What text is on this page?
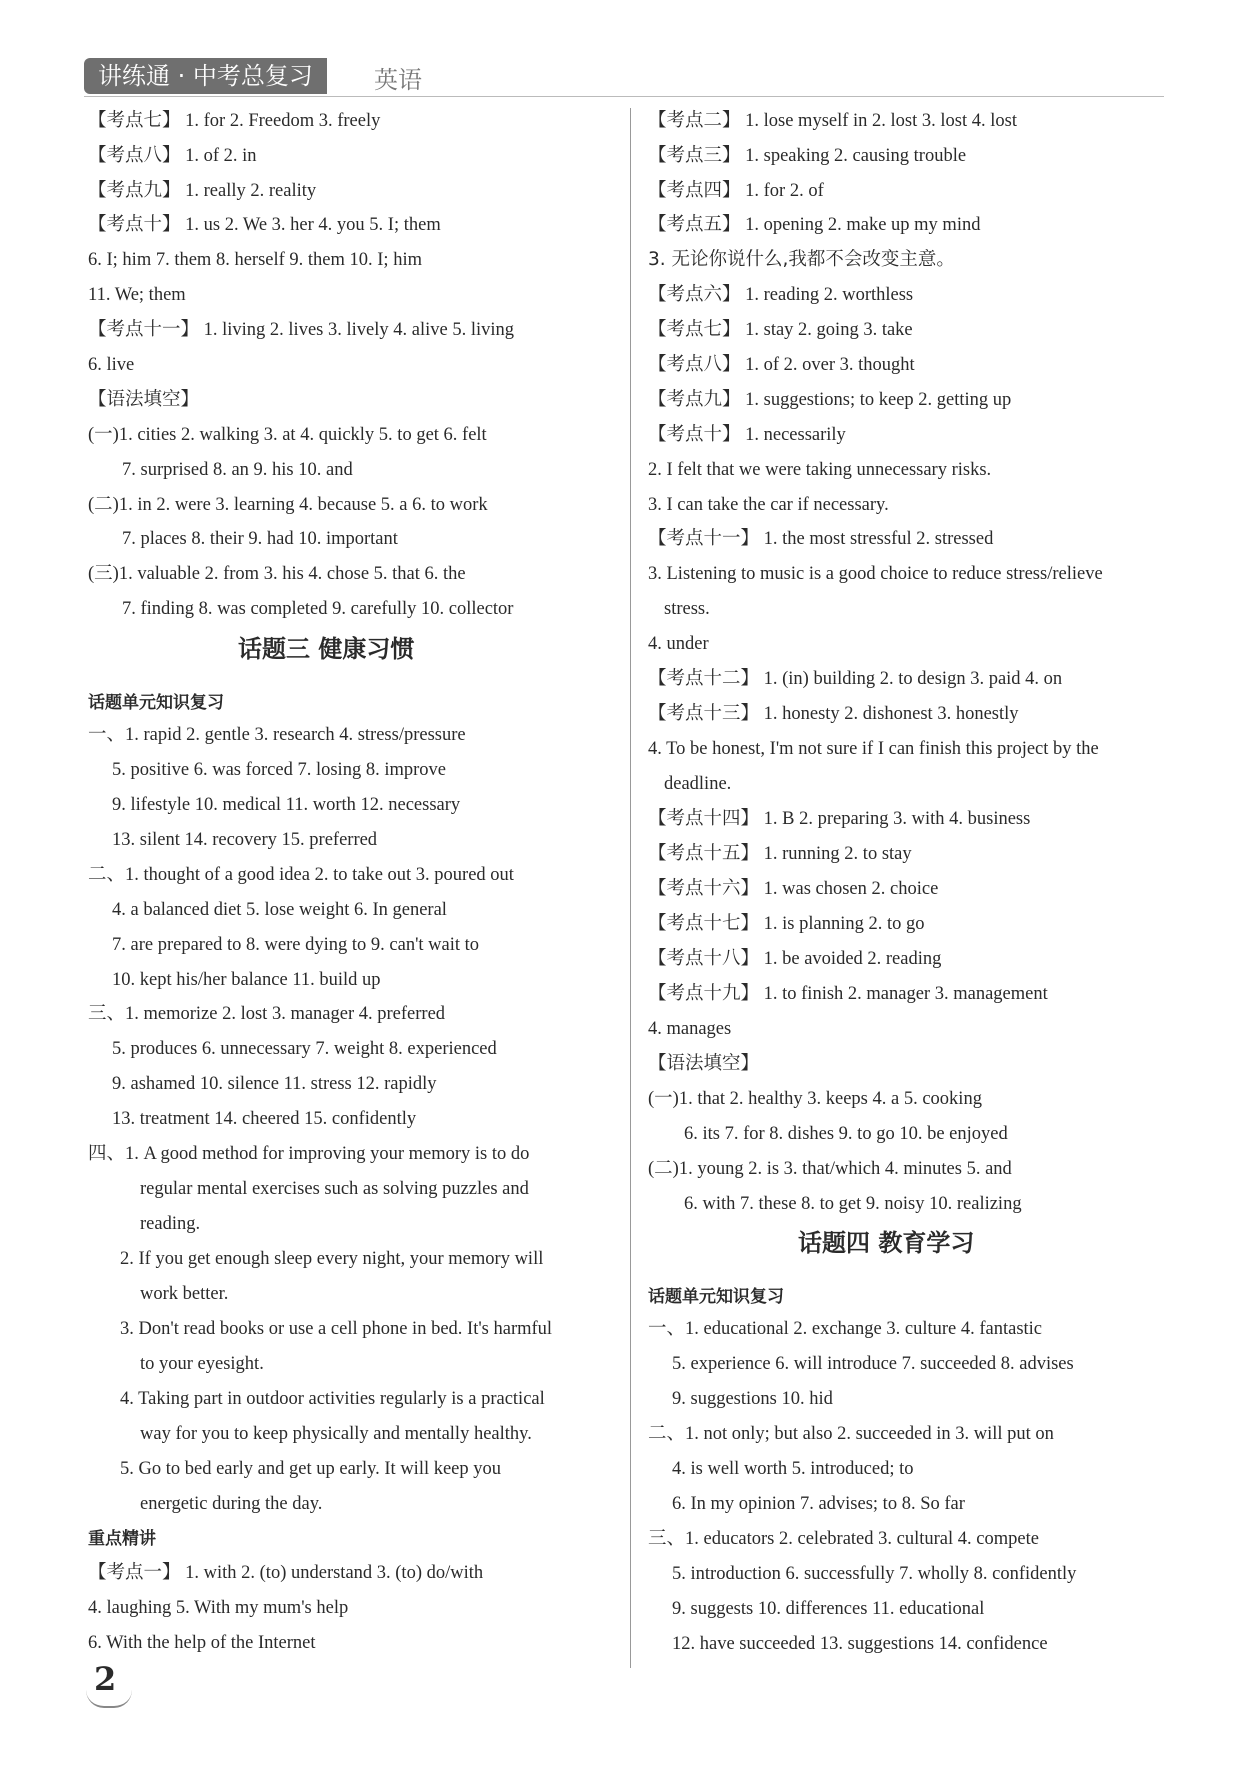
讲练通 · 中考总复习	英语
【考点七】 1. for 2. Freedom 3. freely
【考点八】 1. of 2. in
【考点九】 1. really 2. reality
【考点十】 1. us 2. We 3. her 4. you 5. I; them
6. I; him 7. them 8. herself 9. them 10. I; him
11. We; them
【考点十一】 1. living 2. lives 3. lively 4. alive 5. living
6. live
【语法填空】
(一)1. cities 2. walking 3. at 4. quickly 5. to get 6. felt
7. surprised 8. an 9. his 10. and
(二)1. in 2. were 3. learning 4. because 5. a 6. to work
7. places 8. their 9. had 10. important
(三)1. valuable 2. from 3. his 4. chose 5. that 6. the
7. finding 8. was completed 9. carefully 10. collector
话题三 健康习惯
话题单元知识复习
一、1. rapid 2. gentle 3. research 4. stress/pressure
5. positive 6. was forced 7. losing 8. improve
9. lifestyle 10. medical 11. worth 12. necessary
13. silent 14. recovery 15. preferred
二、1. thought of a good idea 2. to take out 3. poured out
4. a balanced diet 5. lose weight 6. In general
7. are prepared to 8. were dying to 9. can't wait to
10. kept his/her balance 11. build up
三、1. memorize 2. lost 3. manager 4. preferred
5. produces 6. unnecessary 7. weight 8. experienced
9. ashamed 10. silence 11. stress 12. rapidly
13. treatment 14. cheered 15. confidently
四、1. A good method for improving your memory is to do
regular mental exercises such as solving puzzles and
reading.
2. If you get enough sleep every night, your memory will
work better.
3. Don't read books or use a cell phone in bed. It's harmful
to your eyesight.
4. Taking part in outdoor activities regularly is a practical
way for you to keep physically and mentally healthy.
5. Go to bed early and get up early. It will keep you
energetic during the day.
重点精讲
【考点一】 1. with 2. (to) understand 3. (to) do/with
4. laughing 5. With my mum's help
6. With the help of the Internet
【考点二】 1. lose myself in 2. lost 3. lost 4. lost
【考点三】 1. speaking 2. causing trouble
【考点四】 1. for 2. of
【考点五】 1. opening 2. make up my mind
3. 无论你说什么,我都不会改变主意。
【考点六】 1. reading 2. worthless
【考点七】 1. stay 2. going 3. take
【考点八】 1. of 2. over 3. thought
【考点九】 1. suggestions; to keep 2. getting up
【考点十】 1. necessarily
2. I felt that we were taking unnecessary risks.
3. I can take the car if necessary.
【考点十一】 1. the most stressful 2. stressed
3. Listening to music is a good choice to reduce stress/relieve
stress.
4. under
【考点十二】 1. (in) building 2. to design 3. paid 4. on
【考点十三】 1. honesty 2. dishonest 3. honestly
4. To be honest, I'm not sure if I can finish this project by the
deadline.
【考点十四】 1. B 2. preparing 3. with 4. business
【考点十五】 1. running 2. to stay
【考点十六】 1. was chosen 2. choice
【考点十七】 1. is planning 2. to go
【考点十八】 1. be avoided 2. reading
【考点十九】 1. to finish 2. manager 3. management
4. manages
【语法填空】
(一)1. that 2. healthy 3. keeps 4. a 5. cooking
6. its 7. for 8. dishes 9. to go 10. be enjoyed
(二)1. young 2. is 3. that/which 4. minutes 5. and
6. with 7. these 8. to get 9. noisy 10. realizing
话题四 教育学习
话题单元知识复习
一、1. educational 2. exchange 3. culture 4. fantastic
5. experience 6. will introduce 7. succeeded 8. advises
9. suggestions 10. hid
二、1. not only; but also 2. succeeded in 3. will put on
4. is well worth 5. introduced; to
6. In my opinion 7. advises; to 8. So far
三、1. educators 2. celebrated 3. cultural 4. compete
5. introduction 6. successfully 7. wholly 8. confidently
9. suggests 10. differences 11. educational
12. have succeeded 13. suggestions 14. confidence
2
